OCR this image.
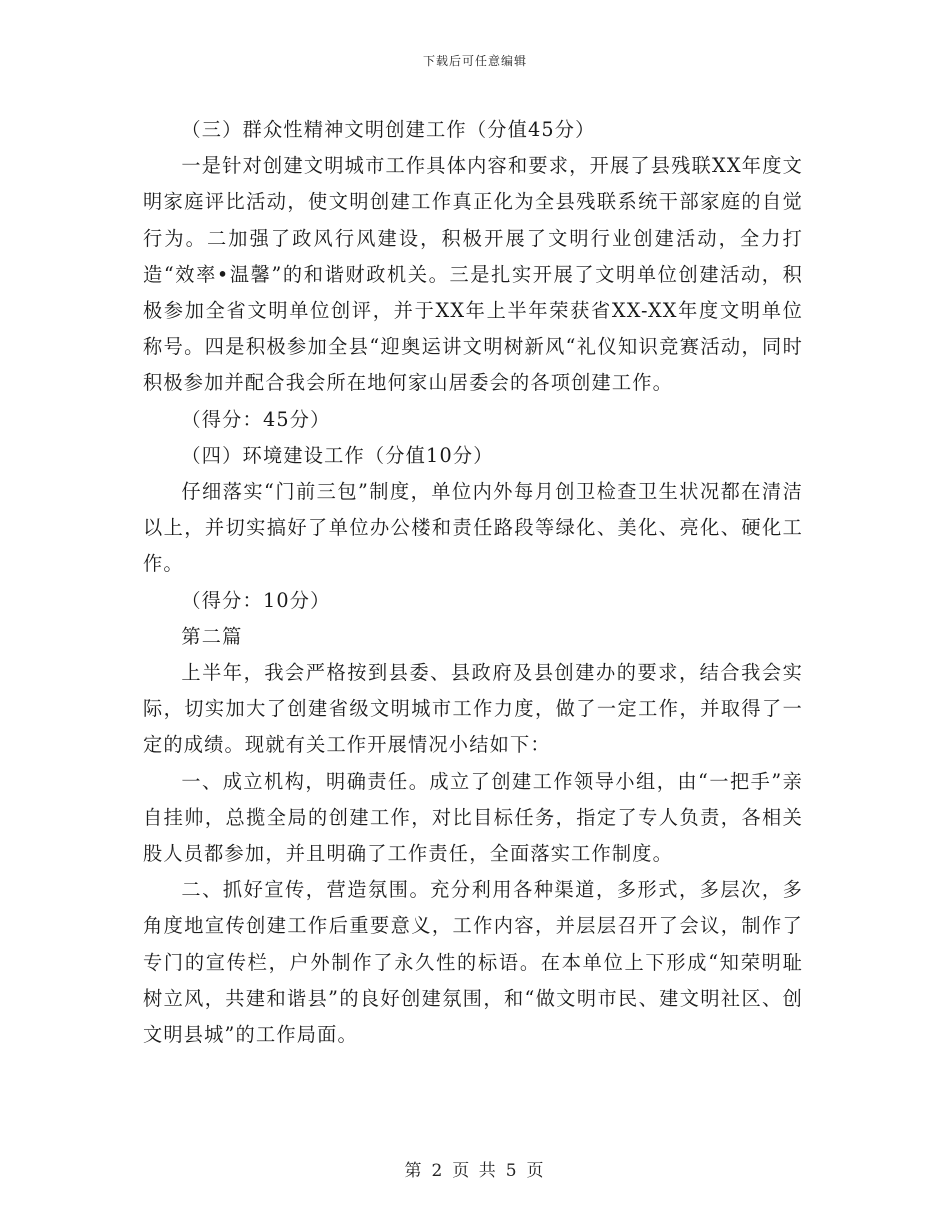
下载后可任意编辑

（三）群众性精神文明创建工作（分值45分）

一是针对创建文明城市工作具体内容和要求，开展了县残联XX年度文明家庭评比活动，使文明创建工作真正化为全县残联系统干部家庭的自觉行为。二加强了政风行风建设，积极开展了文明行业创建活动，全力打造“效率•温馨”的和谐财政机关。三是扎实开展了文明单位创建活动，积极参加全省文明单位创评，并于XX年上半年荣获省XX-XX年度文明单位称号。四是积极参加全县“迎奥运讲文明树新风“礼仪知识竞赛活动，同时积极参加并配合我会所在地何家山居委会的各项创建工作。

（得分：45分）

（四）环境建设工作（分值10分）

仔细落实“门前三包”制度，单位内外每月创卫检查卫生状况都在清洁以上，并切实搞好了单位办公楼和责任路段等绿化、美化、亮化、硬化工作。

（得分：10分）

第二篇

上半年，我会严格按到县委、县政府及县创建办的要求，结合我会实际，切实加大了创建省级文明城市工作力度，做了一定工作，并取得了一定的成绩。现就有关工作开展情况小结如下：

一、成立机构，明确责任。成立了创建工作领导小组，由“一把手”亲自挂帅，总揽全局的创建工作，对比目标任务，指定了专人负责，各相关股人员都参加，并且明确了工作责任，全面落实工作制度。

二、抓好宣传，营造氛围。充分利用各种渠道，多形式，多层次，多角度地宣传创建工作后重要意义，工作内容，并层层召开了会议，制作了专门的宣传栏，户外制作了永久性的标语。在本单位上下形成“知荣明耻树立风，共建和谐县”的良好创建氛围，和“做文明市民、建文明社区、创文明县城”的工作局面。

第 2 页 共 5 页
